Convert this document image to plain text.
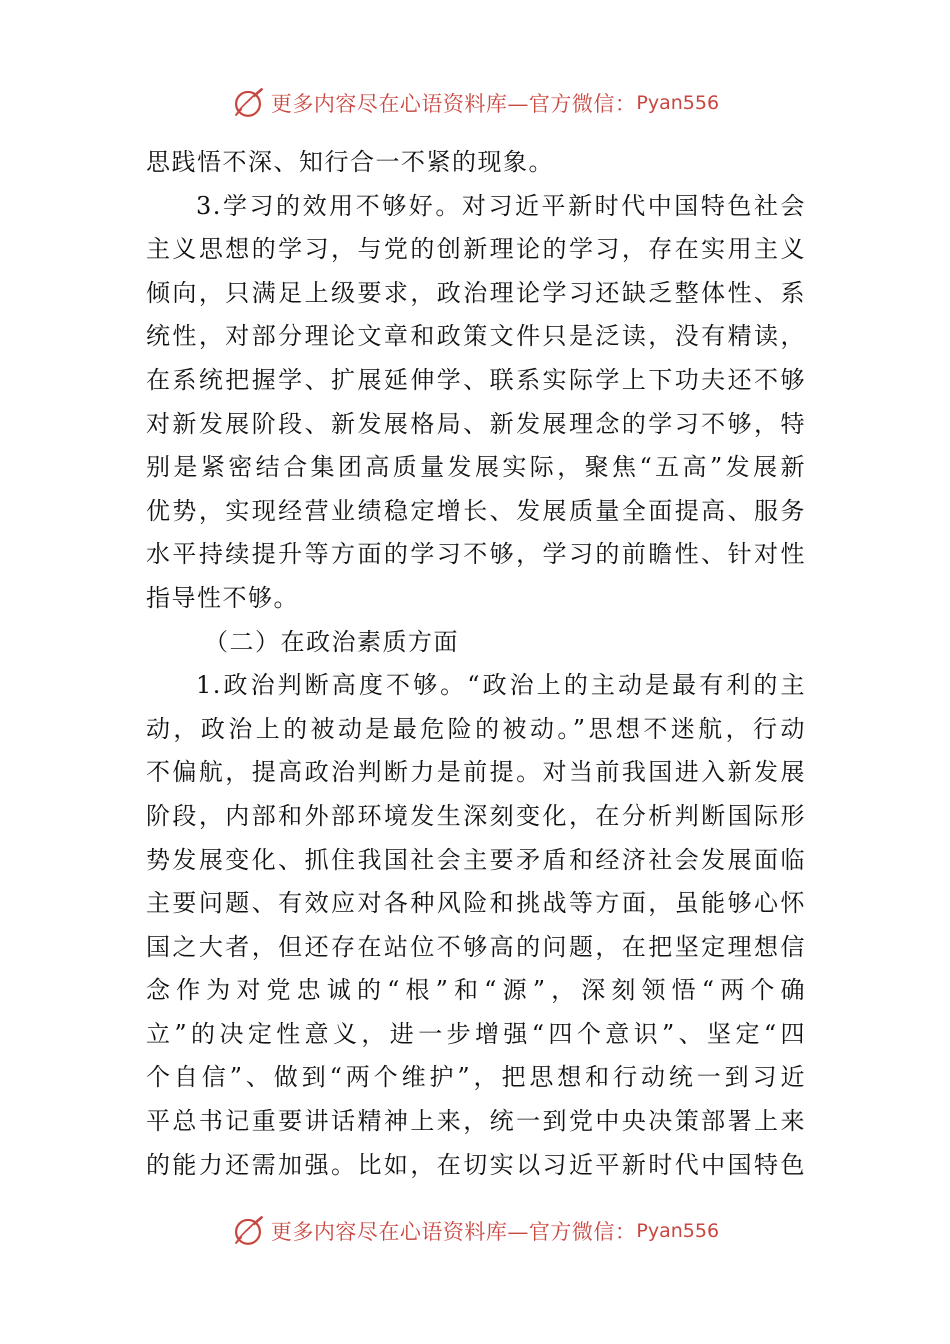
更多内容尽在心语资料库—官方微信： Pyan556
思践悟不深、知行合一不紧的现象。
3.学习的效用不够好。对习近平新时代中国特色社会
主义思想的学习，与党的创新理论的学习，存在实用主义
倾向，只满足上级要求，政治理论学习还缺乏整体性、系
统性，对部分理论文章和政策文件只是泛读，没有精读，
在系统把握学、扩展延伸学、联系实际学上下功夫还不够
对新发展阶段、新发展格局、新发展理念的学习不够，特
别是紧密结合集团高质量发展实际，聚焦“五高”发展新
优势，实现经营业绩稳定增长、发展质量全面提高、服务
水平持续提升等方面的学习不够，学习的前瞻性、针对性
指导性不够。
（二）在政治素质方面
1.政治判断高度不够。“政治上的主动是最有利的主
动，政治上的被动是最危险的被动。”思想不迷航，行动
不偏航，提高政治判断力是前提。对当前我国进入新发展
阶段，内部和外部环境发生深刻变化，在分析判断国际形
势发展变化、抓住我国社会主要矛盾和经济社会发展面临
主要问题、有效应对各种风险和挑战等方面，虽能够心怀
国之大者，但还存在站位不够高的问题，在把坚定理想信
念作为对党忠诚的“根”和“源”，深刻领悟“两个确
立”的决定性意义，进一步增强“四个意识”、坚定“四
个自信”、做到“两个维护”，把思想和行动统一到习近
平总书记重要讲话精神上来，统一到党中央决策部署上来
的能力还需加强。比如，在切实以习近平新时代中国特色
更多内容尽在心语资料库—官方微信： Pyan556
